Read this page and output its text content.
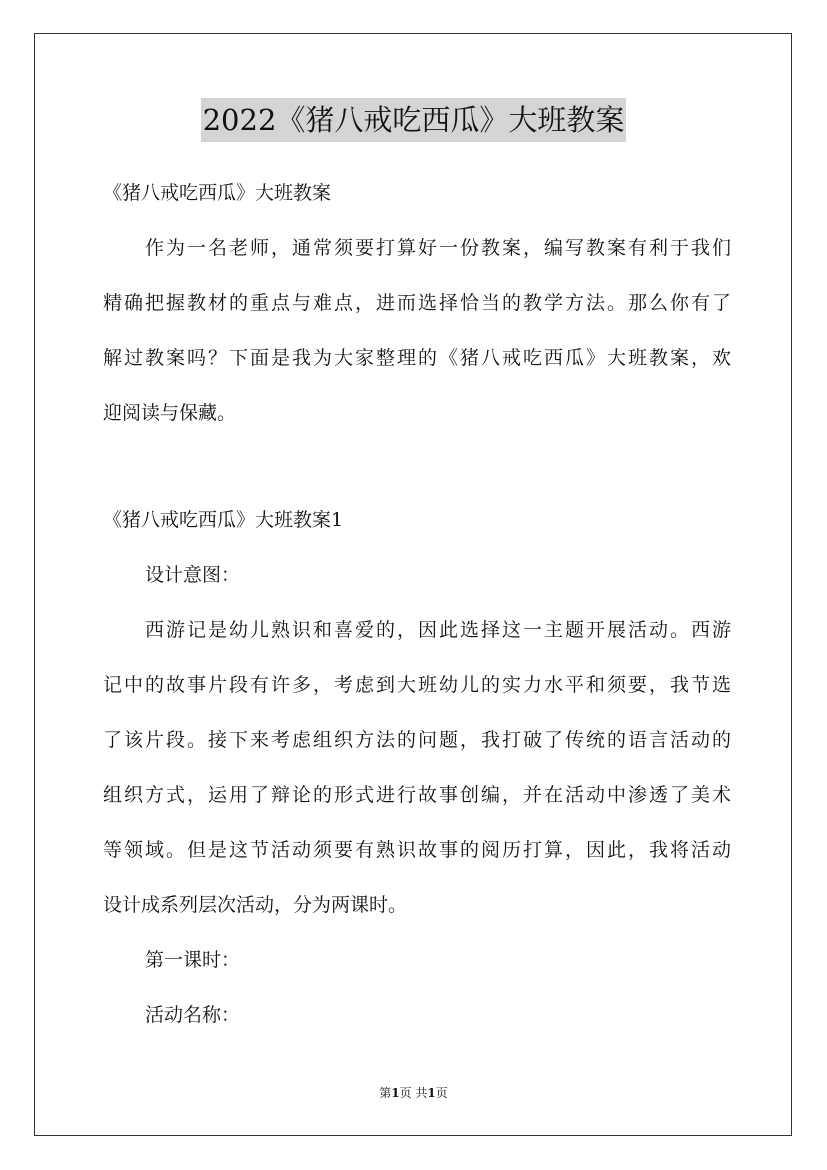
2022《猪八戒吃西瓜》大班教案
《猪八戒吃西瓜》大班教案
作为一名老师，通常须要打算好一份教案，编写教案有利于我们
精确把握教材的重点与难点，进而选择恰当的教学方法。那么你有了
解过教案吗？下面是我为大家整理的《猪八戒吃西瓜》大班教案，欢
迎阅读与保藏。
《猪八戒吃西瓜》大班教案1
设计意图：
西游记是幼儿熟识和喜爱的，因此选择这一主题开展活动。西游
记中的故事片段有许多，考虑到大班幼儿的实力水平和须要，我节选
了该片段。接下来考虑组织方法的问题，我打破了传统的语言活动的
组织方式，运用了辩论的形式进行故事创编，并在活动中渗透了美术
等领域。但是这节活动须要有熟识故事的阅历打算，因此，我将活动
设计成系列层次活动，分为两课时。
第一课时：
活动名称：
第1页 共1页
